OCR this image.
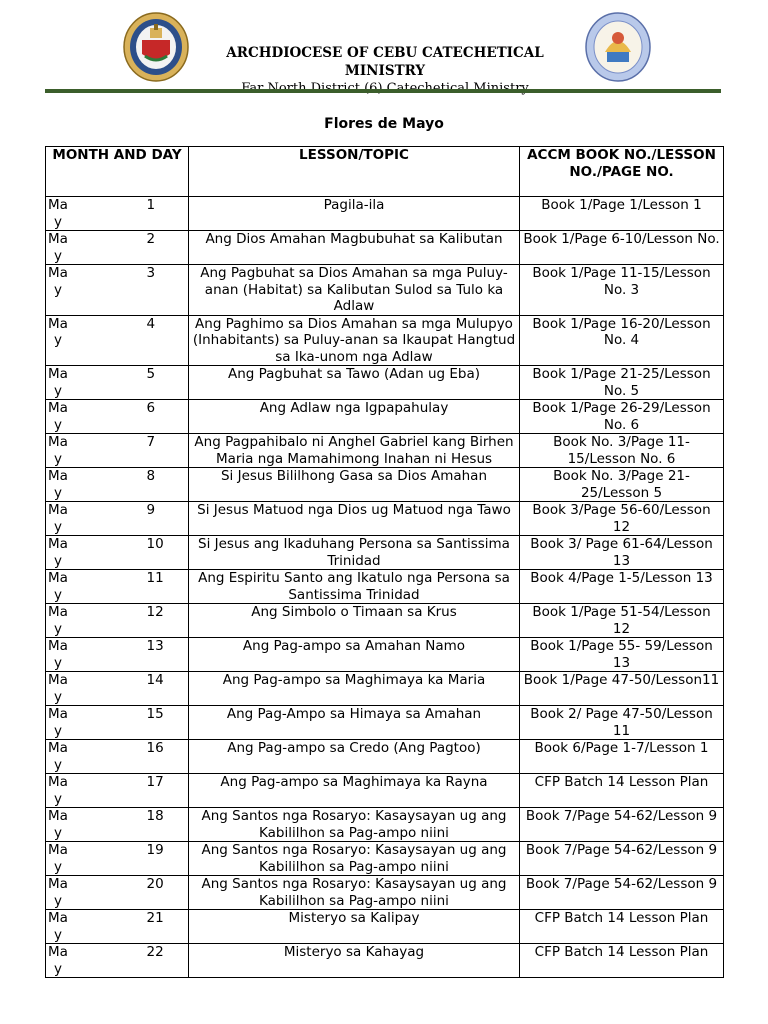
ARCHDIOCESE OF CEBU CATECHETICAL MINISTRY
Flores de Mayo
MONTH AND DAY		LESSON/TOPIC	ACCM BOOK NO./LESSON NO./PAGE NO.
May	1	Pagila-ila	Book 1/Page 1/Lesson 1
May	2	Ang Dios Amahan Magbubuhat sa Kalibutan	Book 1/Page 6-10/Lesson No.
May	3	Ang Pagbuhat sa Dios Amahan sa mga Puluy-anan (Habitat) sa Kalibutan Sulod sa Tulo ka Adlaw	Book 1/Page 11-15/Lesson No. 3
May	4	Ang Paghimo sa Dios Amahan sa mga Mulupyo (Inhabitants) sa Puluy-anan sa Ikaupat Hangtud sa Ika-unom nga Adlaw	Book 1/Page 16-20/Lesson No. 4
May	5	Ang Pagbuhat sa Tawo (Adan ug Eba)	Book 1/Page 21-25/Lesson No. 5
May	6	Ang Adlaw nga Igpapahulay	Book 1/Page 26-29/Lesson No. 6
May	7	Ang Pagpahibalo ni Anghel Gabriel kang Birhen Maria nga Mamahimong Inahan ni Hesus	Book No. 3/Page 11-15/Lesson No. 6
May	8	Si Jesus Bililhong Gasa sa Dios Amahan	Book No. 3/Page 21-25/Lesson 5
May	9	Si Jesus Matuod nga Dios ug Matuod nga Tawo	Book 3/Page 56-60/Lesson 12
May	10	Si Jesus ang Ikaduhang Persona sa Santissima Trinidad	Book 3/ Page 61-64/Lesson 13
May	11	Ang Espiritu Santo ang Ikatulo nga Persona sa Santissima Trinidad	Book 4/Page 1-5/Lesson 13
May	12	Ang Simbolo o Timaan sa Krus	Book 1/Page 51-54/Lesson 12
May	13	Ang Pag-ampo sa Amahan Namo	Book 1/Page 55- 59/Lesson 13
May	14	Ang Pag-ampo sa Maghimaya ka Maria	Book 1/Page 47-50/Lesson11
May	15	Ang Pag-Ampo sa Himaya sa Amahan	Book 2/ Page 47-50/Lesson 11
May	16	Ang Pag-ampo sa Credo (Ang Pagtoo)	Book 6/Page 1-7/Lesson 1
May	17	Ang Pag-ampo sa Maghimaya ka Rayna	CFP Batch 14 Lesson Plan
May	18	Ang Santos nga Rosaryo: Kasaysayan ug ang Kabililhon sa Pag-ampo niini	Book 7/Page 54-62/Lesson 9
May	19	Ang Santos nga Rosaryo: Kasaysayan ug ang Kabililhon sa Pag-ampo niini	Book 7/Page 54-62/Lesson 9
May	20	Ang Santos nga Rosaryo: Kasaysayan ug ang Kabililhon sa Pag-ampo niini	Book 7/Page 54-62/Lesson 9
May	21	Misteryo sa Kalipay	CFP Batch 14 Lesson Plan
May	22	Misteryo sa Kahayag	CFP Batch 14 Lesson Plan
